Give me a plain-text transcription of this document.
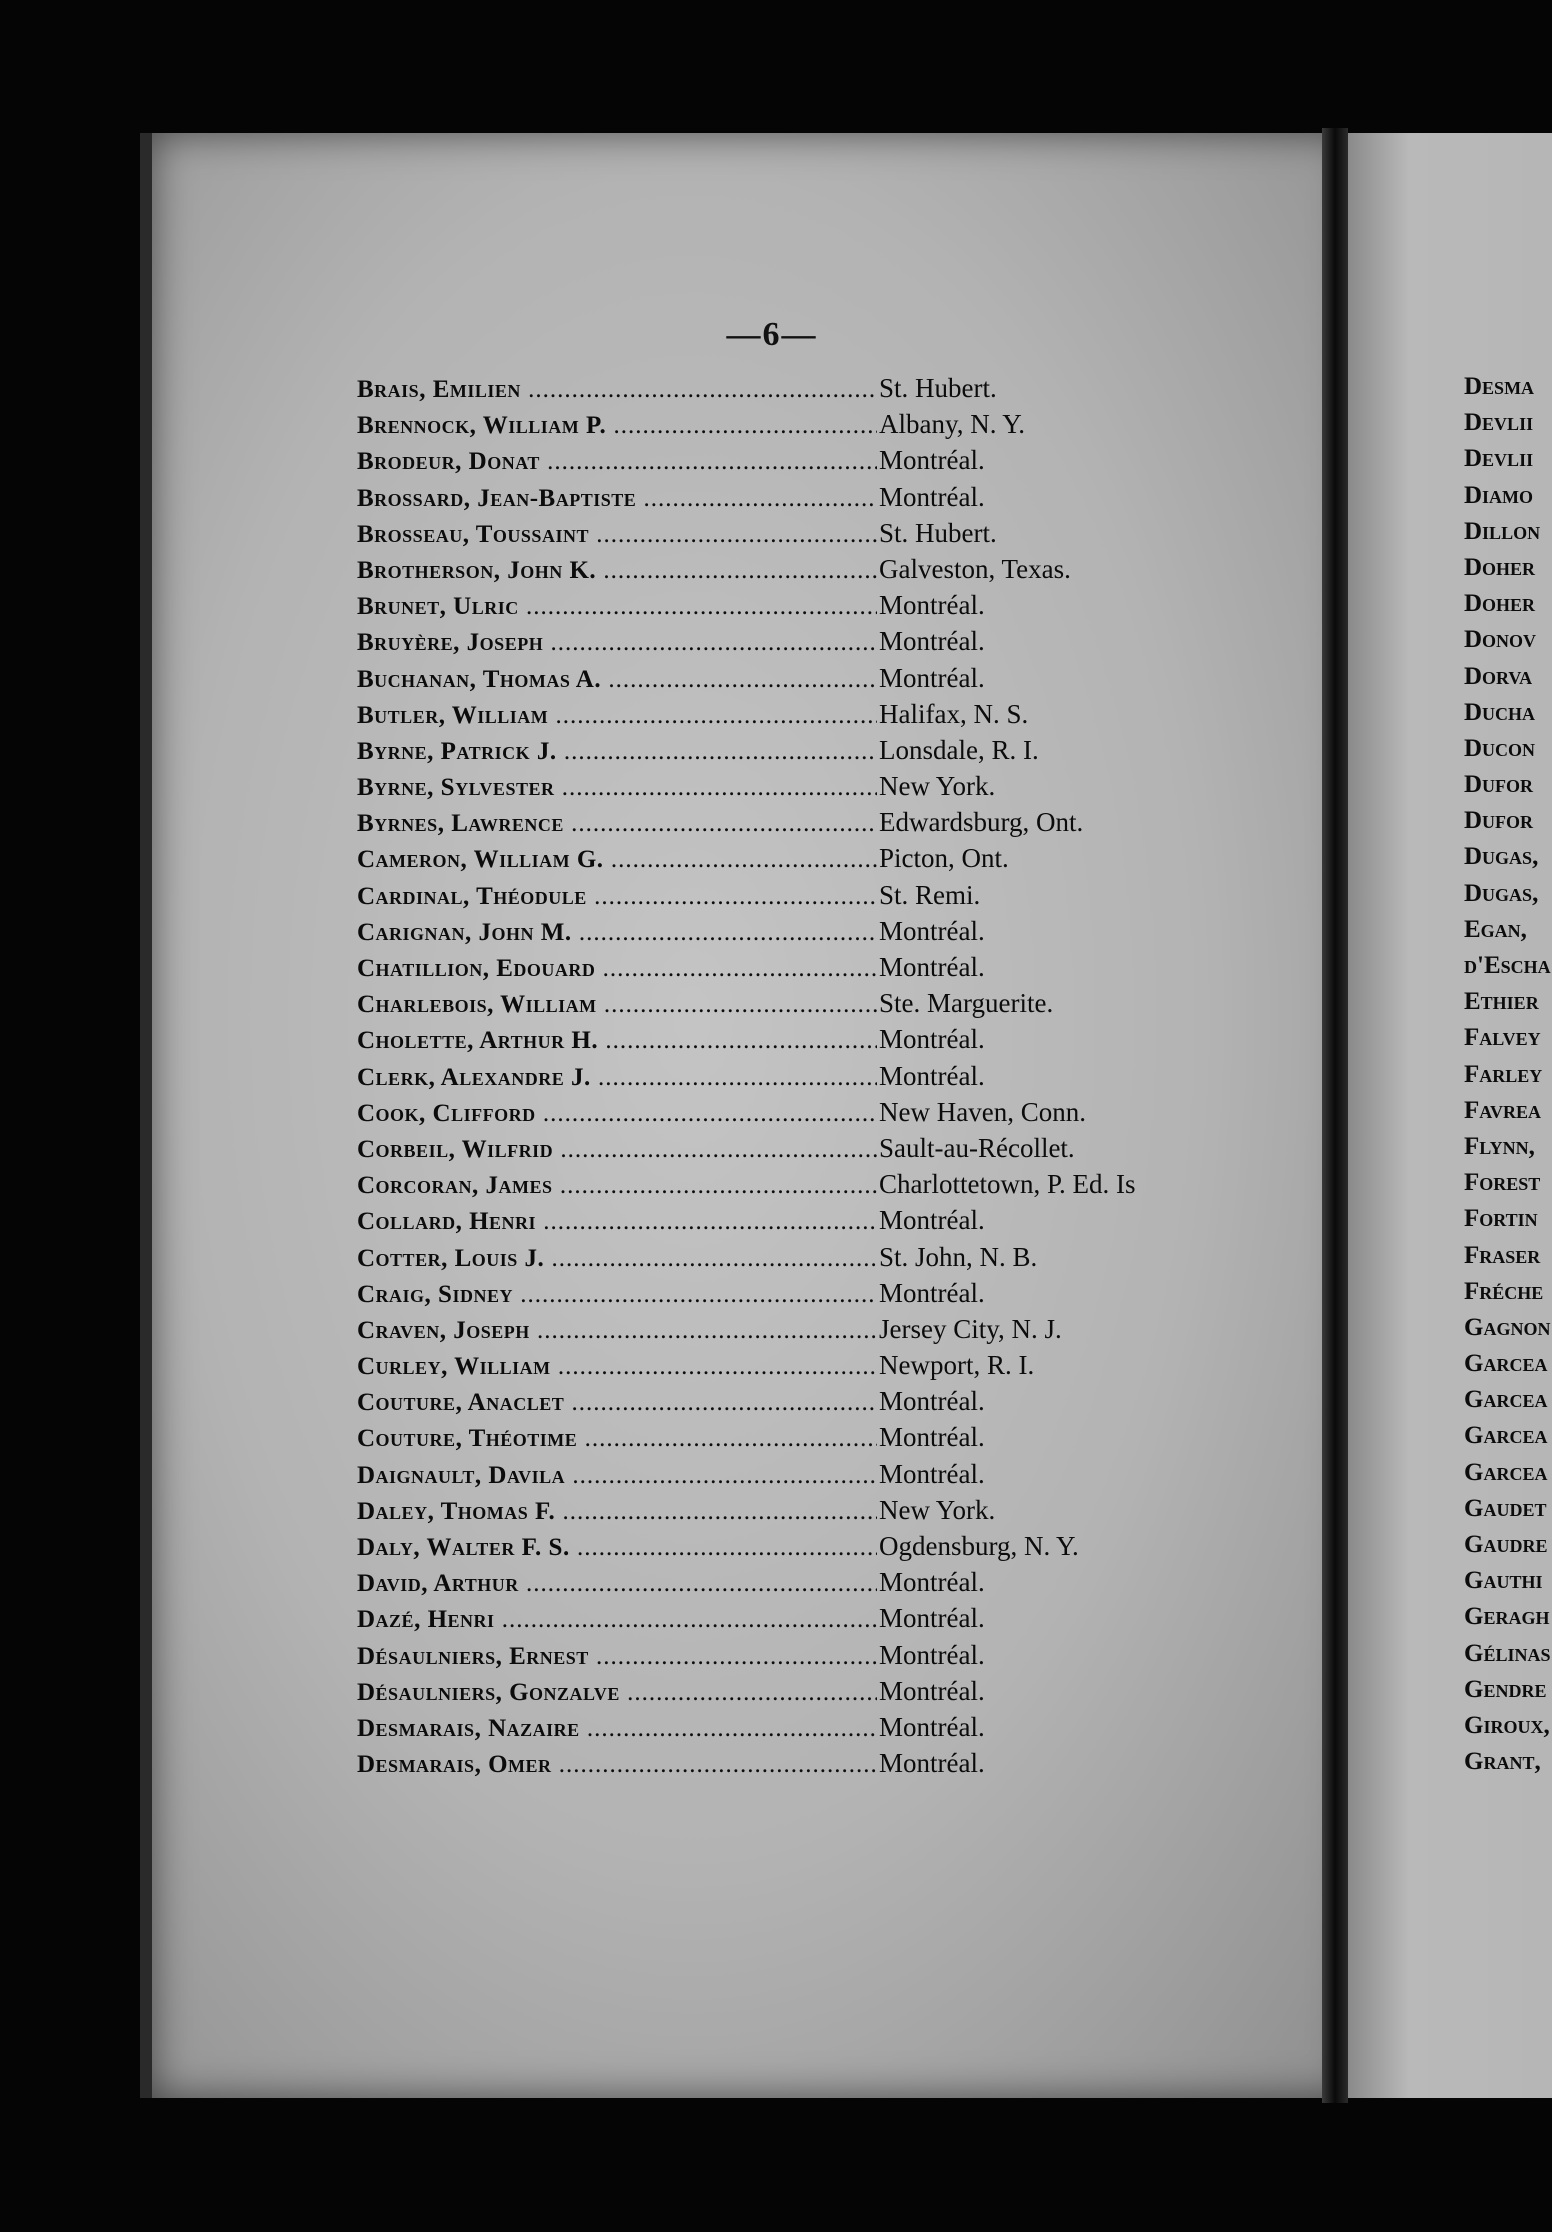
—6—
Brais, Emilien .....	St. Hubert.
Brennock, William P. .....	Albany, N. Y.
Brodeur, Donat .....	Montréal.
Brossard, Jean-Baptiste .....	Montréal.
Brosseau, Toussaint .....	St. Hubert.
Brotherson, John K. .....	Galveston, Texas.
Brunet, Ulric .....	Montréal.
Bruyère, Joseph .....	Montréal.
Buchanan, Thomas A. .....	Montréal.
Butler, William .....	Halifax, N. S.
Byrne, Patrick J. .....	Lonsdale, R. I.
Byrne, Sylvester .....	New York.
Byrnes, Lawrence .....	Edwardsburg, Ont.
Cameron, William G. .....	Picton, Ont.
Cardinal, Théodule .....	St. Remi.
Carignan, John M. .....	Montréal.
Chatillion, Edouard .....	Montréal.
Charlebois, William .....	Ste. Marguerite.
Cholette, Arthur H. .....	Montréal.
Clerk, Alexandre J. .....	Montréal.
Cook, Clifford .....	New Haven, Conn.
Corbeil, Wilfrid .....	Sault-au-Récollet.
Corcoran, James .....	Charlottetown, P. Ed. Is
Collard, Henri .....	Montréal.
Cotter, Louis J. .....	St. John, N. B.
Craig, Sidney .....	Montréal.
Craven, Joseph .....	Jersey City, N. J.
Curley, William .....	Newport, R. I.
Couture, Anaclet .....	Montréal.
Couture, Théotime .....	Montréal.
Daignault, Davila .....	Montréal.
Daley, Thomas F. .....	New York.
Daly, Walter F. S. .....	Ogdensburg, N. Y.
David, Arthur .....	Montréal.
Dazé, Henri .....	Montréal.
Désaulniers, Ernest .....	Montréal.
Désaulniers, Gonzalve .....	Montréal.
Desmarais, Nazaire .....	Montréal.
Desmarais, Omer .....	Montréal.
Desma
Devlii
Devlii
Diamo
Dillon
Doher
Doher
Donov
Dorva
Ducha
Ducon
Dufor
Dufor
Dugas,
Dugas,
Egan,
d'Escha
Ethier
Falvey
Farley
Favrea
Flynn,
Forest
Fortin
Fraser
Fréche
Gagnon
Garcea
Garcea
Garcea
Garcea
Gaudet
Gaudre
Gauthi
Geragh
Gélinas
Gendre
Giroux,
Grant,
